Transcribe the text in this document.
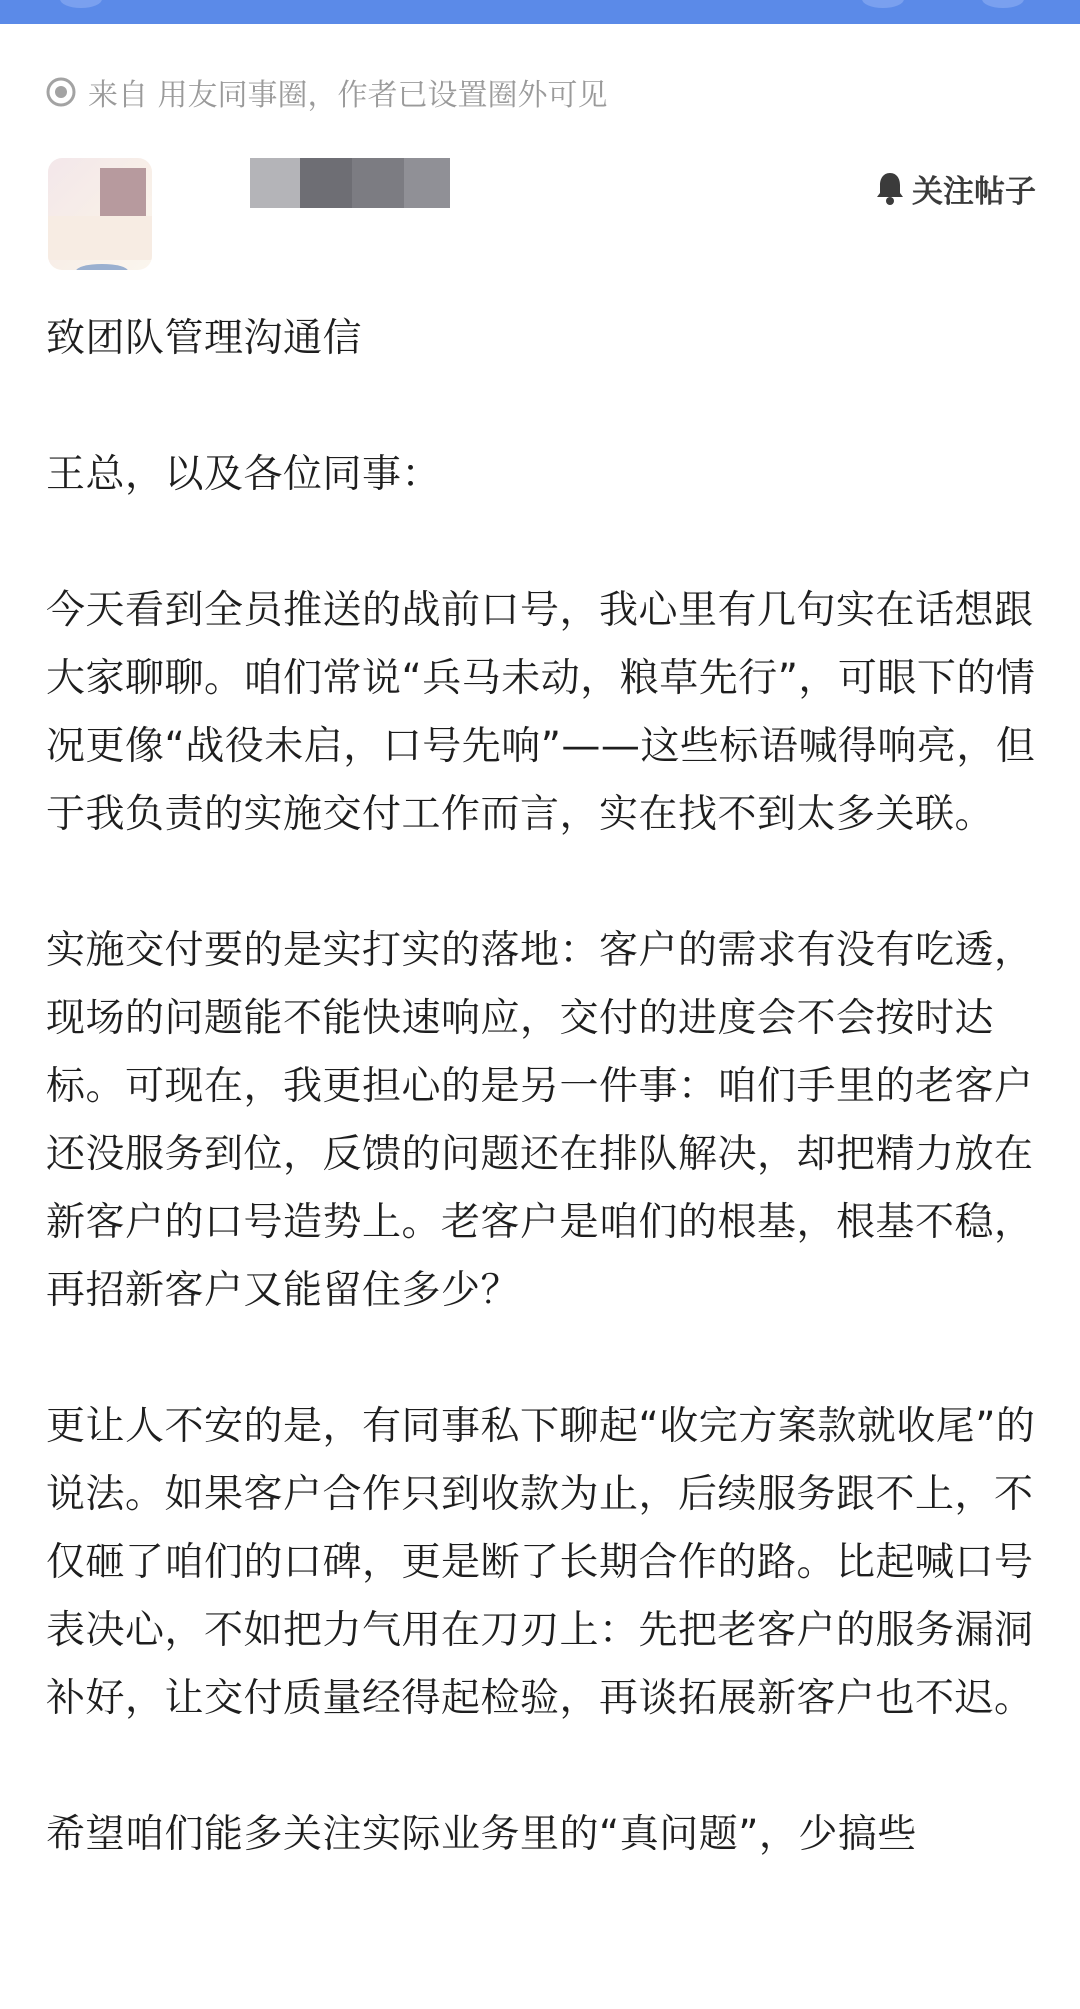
来自 用友同事圈，作者已设置圈外可见
关注帖子

致团队管理沟通信

王总，以及各位同事：

今天看到全员推送的战前口号，我心里有几句实在话想跟大家聊聊。咱们常说“兵马未动，粮草先行”，可眼下的情况更像“战役未启，口号先响”——这些标语喊得响亮，但于我负责的实施交付工作而言，实在找不到太多关联。

实施交付要的是实打实的落地：客户的需求有没有吃透，现场的问题能不能快速响应，交付的进度会不会按时达标。可现在，我更担心的是另一件事：咱们手里的老客户还没服务到位，反馈的问题还在排队解决，却把精力放在新客户的口号造势上。老客户是咱们的根基，根基不稳，再招新客户又能留住多少？

更让人不安的是，有同事私下聊起“收完方案款就收尾”的说法。如果客户合作只到收款为止，后续服务跟不上，不仅砸了咱们的口碑，更是断了长期合作的路。比起喊口号表决心，不如把力气用在刀刃上：先把老客户的服务漏洞补好，让交付质量经得起检验，再谈拓展新客户也不迟。

希望咱们能多关注实际业务里的“真问题”，少搞些
